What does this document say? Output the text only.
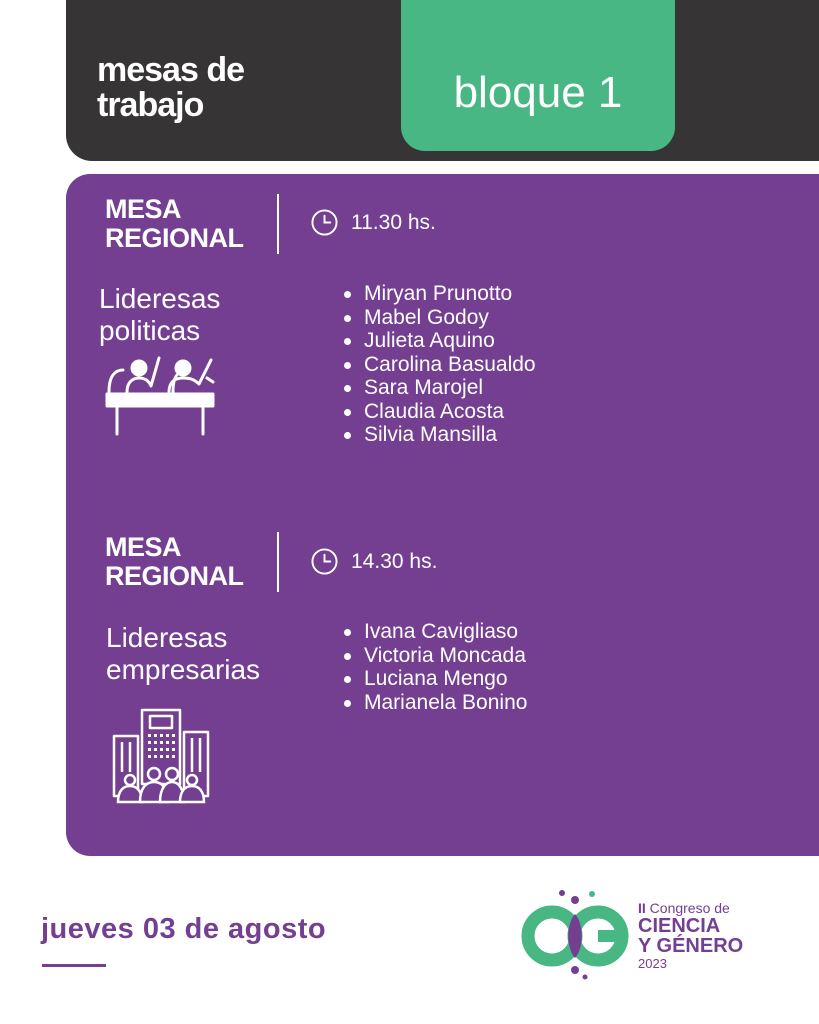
mesas de
trabajo	bloque 1
MESA
REGIONAL
11.30 hs.
Lideresas
politicas
Miryan Prunotto
Mabel Godoy
Julieta Aquino
Carolina Basualdo
Sara Marojel
Claudia Acosta
Silvia Mansilla
MESA
REGIONAL	14.30 hs.
Lideresas
empresarias
Ivana Cavigliaso
Victoria Moncada
Luciana Mengo
Marianela Bonino
jueves 03 de agosto
II Congreso de
CIENCIA
Y GÉNERO
2023
